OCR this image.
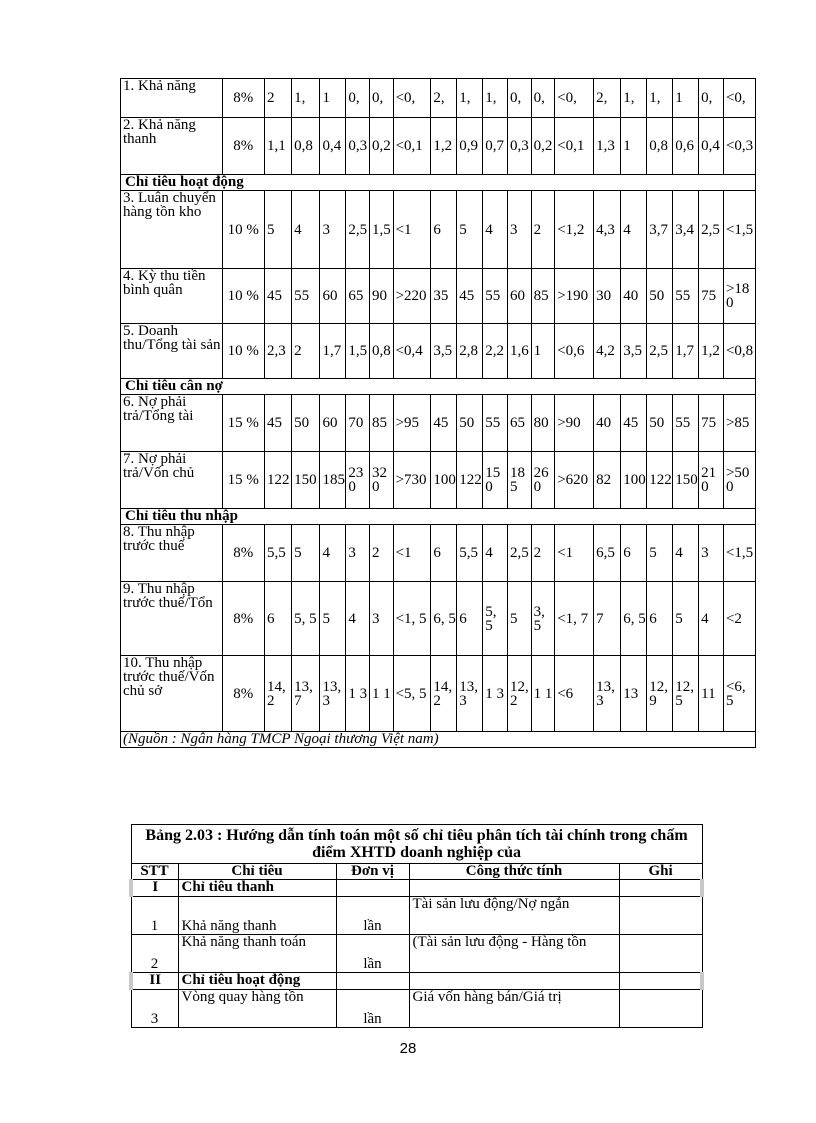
1. Khả năng	8%	2	1,	1	0,	0,	<0,	2,	1,	1,	0,	0,	<0,	2,	1,	1,	1	0,	<0,

2. Khả năng thanh	8%	1,1	0,8	0,4	0,3	0,2	<0,1	1,2	0,9	0,7	0,3	0,2	<0,1	1,3	1	0,8	0,6	0,4	<0,3

Chỉ tiêu hoạt động																			
3. Luân chuyển hàng tồn kho	10 %	5	4	3	2,5	1,5	<1	6	5	4	3	2	<1,2	4,3	4	3,7	3,4	2,5	<1,5

4. Kỳ thu tiền bình quân	10 %	45	55	60	65	90	>220	35	45	55	60	85	>190	30	40	50	55	75	>180

5. Doanh thu/Tổng tài sản	10 %	2,3	2	1,7	1,5	0,8	<0,4	3,5	2,8	2,2	1,6	1	<0,6	4,2	3,5	2,5	1,7	1,2	<0,8

Chỉ tiêu cân nợ																			
6. Nợ phải trả/Tổng tài	15 %	45	50	60	70	85	>95	45	50	55	65	80	>90	40	45	50	55	75	>85

7. Nợ phải trả/Vốn chủ	15 %	122	150	185	230	320	>730	100	122	150	185	260	>620	82	100	122	150	210	>500

Chỉ tiêu thu nhập																			
8. Thu nhập trước thuế	8%	5,5	5	4	3	2	<1	6	5,5	4	2,5	2	<1	6,5	6	5	4	3	<1,5

9. Thu nhập trước thuế/Tổn	8%	6	5, 5	5	4	3	<1, 5	6, 5	6	5, 5	5	3, 5	<1, 7	7	6, 5	6	5	4	<2

10. Thu nhập trước thuế/Vốn chủ sở	8%	14, 2	13, 7	13, 3	1 3	1 1	<5, 5	14, 2	13, 3	1 3	12, 2	1 1	<6	13, 3	13	12, 9	12, 5	11	<6, 5

(Nguồn : Ngân hàng TMCP Ngoại thương Việt nam)																			
Bảng 2.03 : Hướng dẫn tính toán một số chỉ tiêu phân tích tài chính trong chấm điểm XHTD doanh nghiệp của				
STT	Chỉ tiêu	Đơn vị	Công thức tính	Ghi
I	Chỉ tiêu thanh			
1	Khả năng thanh	lần	Tài sản lưu động/Nợ ngắn	
2	Khả năng thanh toán	lần	(Tài sản lưu động - Hàng tồn	
II	Chỉ tiêu hoạt động			
3	Vòng quay hàng tồn	lần	Giá vốn hàng bán/Giá trị	
28
